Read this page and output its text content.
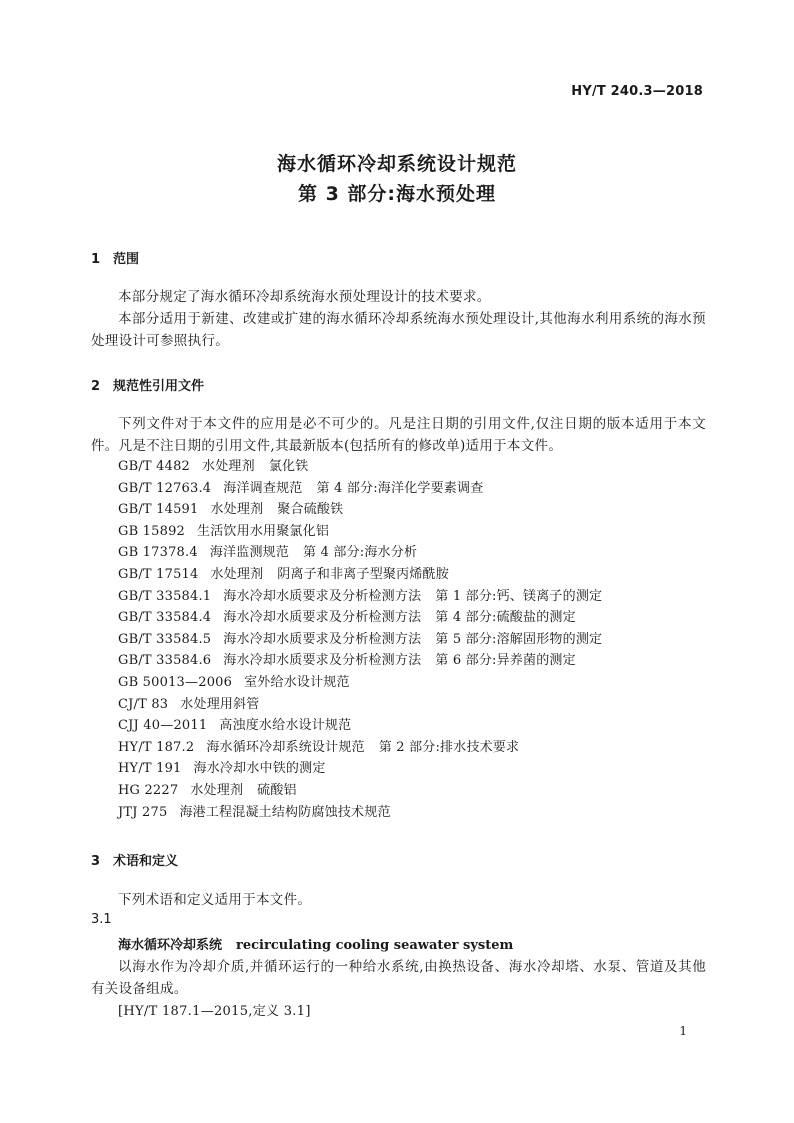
HY/T 240.3—2018
海水循环冷却系统设计规范
第 3 部分:海水预处理
1 范围
本部分规定了海水循环冷却系统海水预处理设计的技术要求。
本部分适用于新建、改建或扩建的海水循环冷却系统海水预处理设计,其他海水利用系统的海水预处理设计可参照执行。
2 规范性引用文件
下列文件对于本文件的应用是必不可少的。凡是注日期的引用文件,仅注日期的版本适用于本文件。凡是不注日期的引用文件,其最新版本(包括所有的修改单)适用于本文件。
GB/T 4482 水处理剂 氯化铁
GB/T 12763.4 海洋调查规范 第 4 部分:海洋化学要素调查
GB/T 14591 水处理剂 聚合硫酸铁
GB 15892 生活饮用水用聚氯化铝
GB 17378.4 海洋监测规范 第 4 部分:海水分析
GB/T 17514 水处理剂 阴离子和非离子型聚丙烯酰胺
GB/T 33584.1 海水冷却水质要求及分析检测方法 第 1 部分:钙、镁离子的测定
GB/T 33584.4 海水冷却水质要求及分析检测方法 第 4 部分:硫酸盐的测定
GB/T 33584.5 海水冷却水质要求及分析检测方法 第 5 部分:溶解固形物的测定
GB/T 33584.6 海水冷却水质要求及分析检测方法 第 6 部分:异养菌的测定
GB 50013—2006 室外给水设计规范
CJ/T 83 水处理用斜管
CJJ 40—2011 高浊度水给水设计规范
HY/T 187.2 海水循环冷却系统设计规范 第 2 部分:排水技术要求
HY/T 191 海水冷却水中铁的测定
HG 2227 水处理剂 硫酸铝
JTJ 275 海港工程混凝土结构防腐蚀技术规范
3 术语和定义
下列术语和定义适用于本文件。
3.1
海水循环冷却系统 recirculating cooling seawater system
以海水作为冷却介质,并循环运行的一种给水系统,由换热设备、海水冷却塔、水泵、管道及其他有关设备组成。
[HY/T 187.1—2015,定义 3.1]
1
